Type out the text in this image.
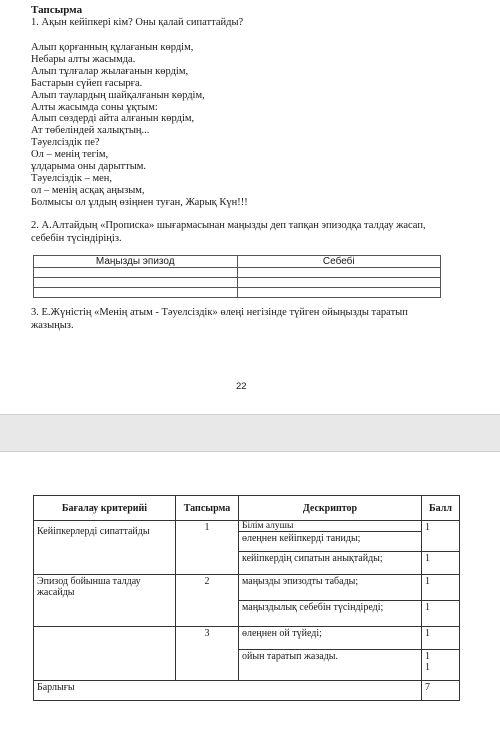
Тапсырма
1. Ақын кейіпкері кім? Оны қалай сипаттайды?
Алып қорғанның құлағанын көрдім,
Небары алты жасымда.
Алып тұлғалар жылағанын көрдім,
Бастарын сүйеп ғасырға.
Алып таулардың шайқалғанын көрдім,
Алты жасымда соны ұқтым:
Алып сөздерді айта алғанын көрдім,
Ат төбеліндей халықтың...
Тәуелсіздік пе?
Ол – менің тегім,
ұлдарыма оны дарыттым.
Тәуелсіздік – мен,
ол – менің асқақ аңызым,
Болмысы ол ұлдың өзіңнен туған, Жарық Күн!!!
2. А.Алтайдың «Прописка» шығармасынан маңызды деп тапқан эпизодқа талдау жасап, себебін түсіндіріңіз.
Маңызды эпизод	Себебі

3. Е.Жүністің «Менің атым - Тәуелсіздік» өлеңі негізінде түйген ойыңызды таратып жазыңыз.
22
Бағалау критерийі	Тапсырма	Дескриптор	Балл
Кейіпкерлерді сипаттайды	1	Білім алушы	1
		өлеңнен кейіпкерді таниды;	
		кейіпкердің сипатын анықтайды;	1
Эпизод бойынша талдау жасайды	2	маңызды эпизодты табады;	1
		маңыздылық себебін түсіндіреді;	1
	3	өлеңнен ой түйеді;	1
		ойын таратып жазады.	1
1

Барлығы			7
